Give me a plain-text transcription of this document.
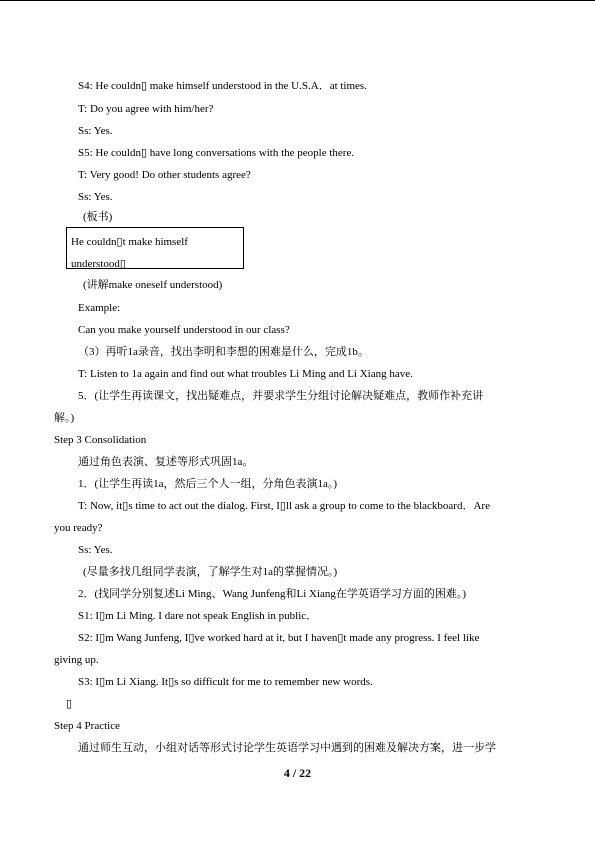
S4: He couldn▯ make himself understood in the U.S.A．at times.
T: Do you agree with him/her?
Ss: Yes.
S5: He couldn▯ have long conversations with the people there.
T: Very good! Do other students agree?
Ss: Yes.
(板书)
He couldn▯t make himself
understood▯
(讲解make oneself understood)
Example:
Can you make yourself understood in our class?
（3）再听1a录音，找出李明和李想的困难是什么，完成1b。
T: Listen to 1a again and find out what troubles Li Ming and Li Xiang have.
5．(让学生再读课文，找出疑难点，并要求学生分组讨论解决疑难点，教师作补充讲
解。)
Step 3 Consolidation
通过角色表演、复述等形式巩固1a。
1．(让学生再读1a，然后三个人一组，分角色表演1a。)
T: Now, it▯s time to act out the dialog. First, I▯ll ask a group to come to the blackboard．Are
you ready?
Ss: Yes.
(尽量多找几组同学表演，了解学生对1a的掌握情况。)
2．(找同学分别复述Li Ming、Wang Junfeng和Li Xiang在学英语学习方面的困难。)
S1: I▯m Li Ming. I dare not speak English in public．
S2: I▯m Wang Junfeng, I▯ve worked hard at it, but I haven▯t made any progress. I feel like
giving up.
S3: I▯m Li Xiang. It▯s so difficult for me to remember new words.
▯
Step 4 Practice
通过师生互动，小组对话等形式讨论学生英语学习中遇到的困难及解决方案，进一步学
4 / 22
